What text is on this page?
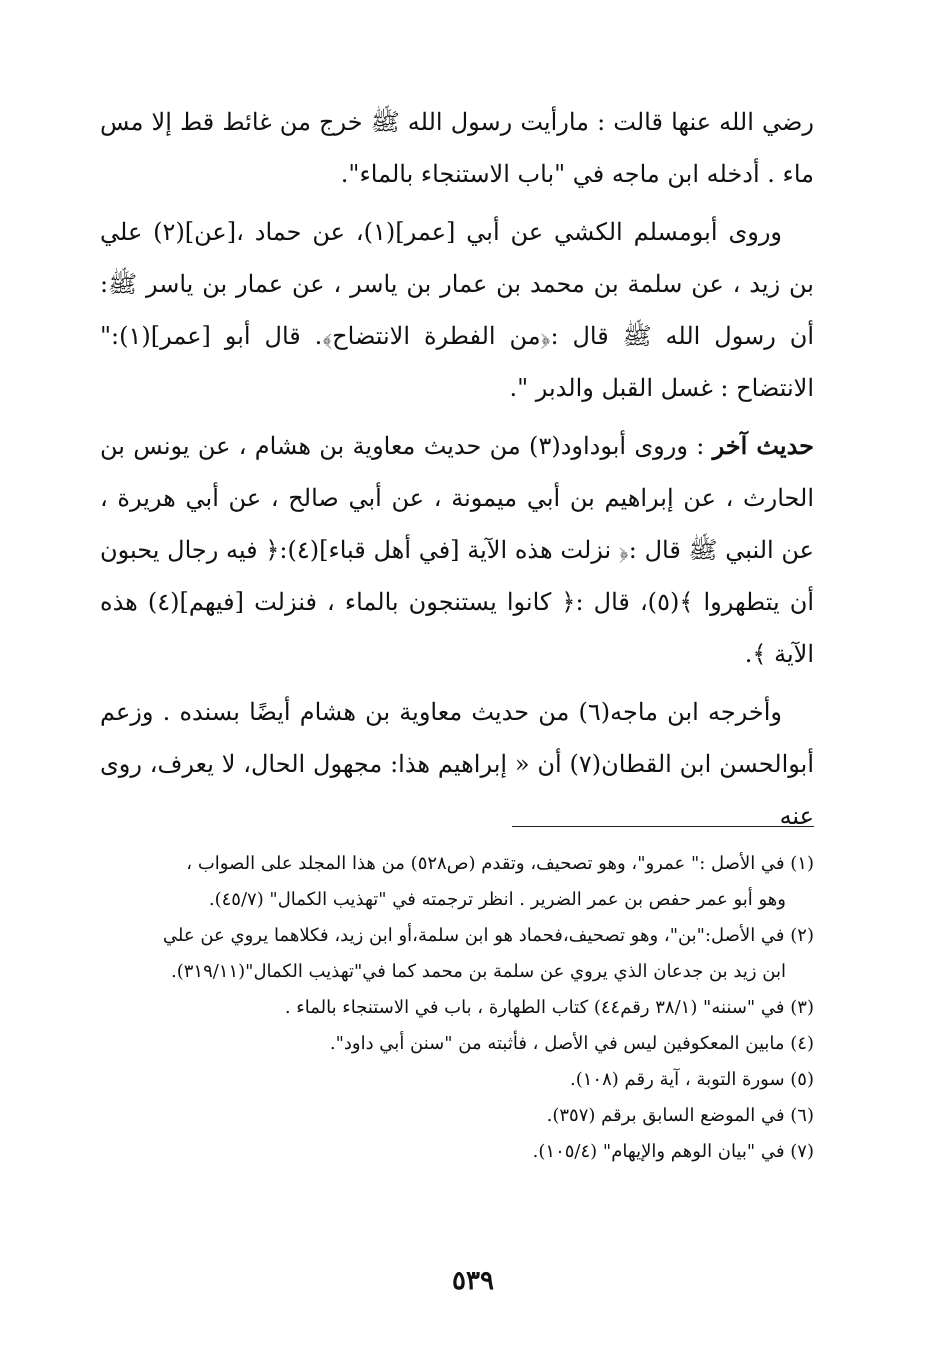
رضي الله عنها قالت : مارأيت رسول الله ﷺ خرج من غائط قط إلا مس ماء . أدخله ابن ماجه في "باب الاستنجاء بالماء".

وروى أبومسلم الكشي عن أبي [عمر](١)، عن حماد ،[عن](٢) علي بن زيد ، عن سلمة بن محمد بن عمار بن ياسر ، عن عمار بن ياسر ﷺ: أن رسول الله ﷺ قال :﴿من الفطرة الانتضاح﴾. قال أبو [عمر](١):" الانتضاح : غسل القبل والدبر ".

حديث آخر : وروى أبوداود(٣) من حديث معاوية بن هشام ، عن يونس بن الحارث ، عن إبراهيم بن أبي ميمونة ، عن أبي صالح ، عن أبي هريرة ، عن النبي ﷺ قال :﴿ نزلت هذه الآية [في أهل قباء](٤):﴿ فيه رجال يحبون أن يتطهروا ﴾(٥)، قال :﴿ كانوا يستنجون بالماء ، فنزلت [فيهم](٤) هذه الآية ﴾.

وأخرجه ابن ماجه(٦) من حديث معاوية بن هشام أيضًا بسنده . وزعم أبوالحسن ابن القطان(٧) أن « إبراهيم هذا: مجهول الحال، لا يعرف، روى عنه

(١) في الأصل :" عمرو"، وهو تصحيف، وتقدم (ص٥٢٨) من هذا المجلد على الصواب ،
وهو أبو عمر حفص بن عمر الضرير . انظر ترجمته في "تهذيب الكمال" (٤٥/٧).

(٢) في الأصل:"بن"، وهو تصحيف،فحماد هو ابن سلمة،أو ابن زيد، فكلاهما يروي عن علي
ابن زيد بن جدعان الذي يروي عن سلمة بن محمد كما في"تهذيب الكمال"(٣١٩/١١).

(٣) في "سننه" (٣٨/١ رقم٤٤) كتاب الطهارة ، باب في الاستنجاء بالماء .

(٤) مابين المعكوفين ليس في الأصل ، فأثبته من "سنن أبي داود".

(٥) سورة التوبة ، آية رقم (١٠٨).

(٦) في الموضع السابق برقم (٣٥٧).

(٧) في "بيان الوهم والإيهام" (١٠٥/٤).

٥٣٩
